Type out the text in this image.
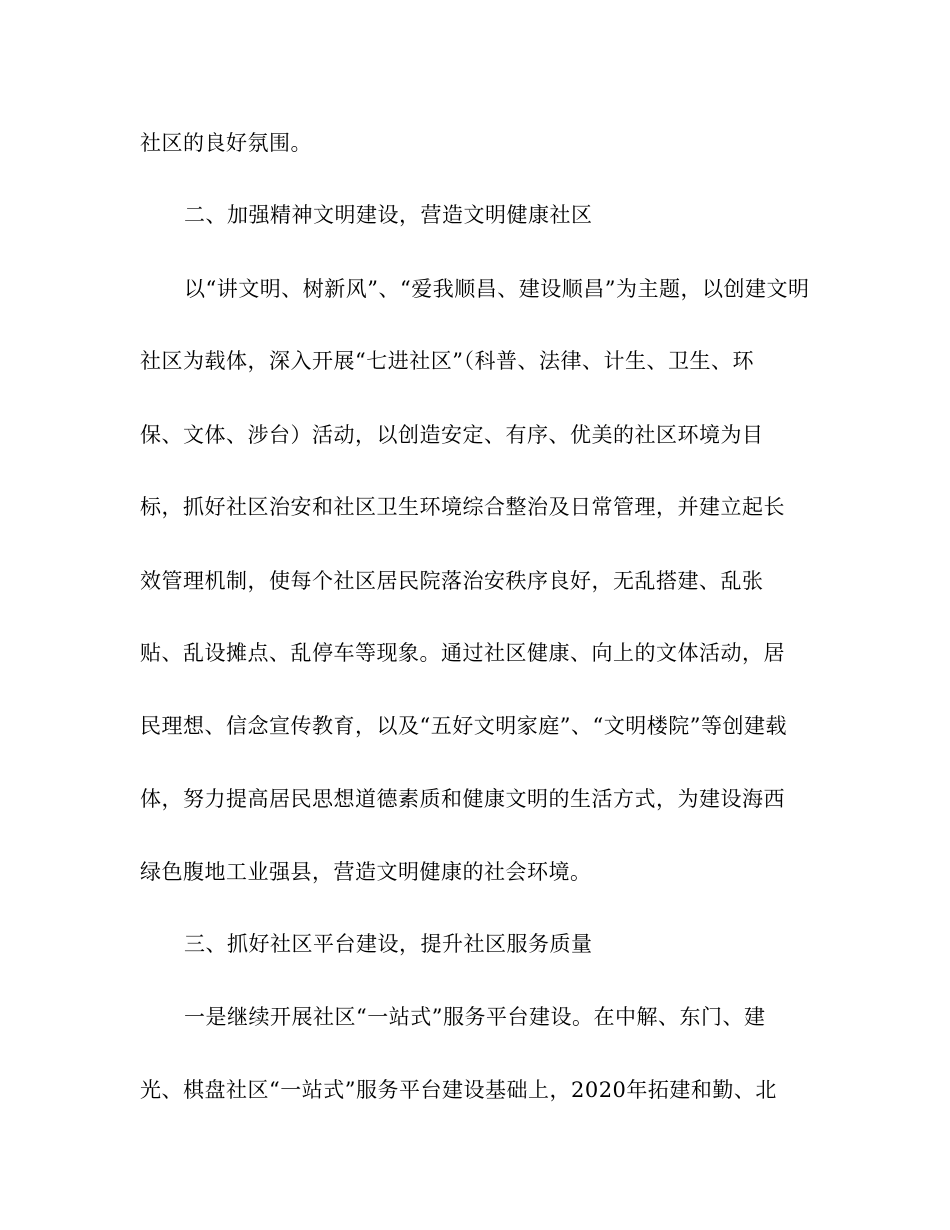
社区的良好氛围。
二、加强精神文明建设，营造文明健康社区
以“讲文明、树新风”、“爱我顺昌、建设顺昌”为主题，以创建文明
社区为载体，深入开展“七进社区”（科普、法律、计生、卫生、环
保、文体、涉台）活动，以创造安定、有序、优美的社区环境为目
标，抓好社区治安和社区卫生环境综合整治及日常管理，并建立起长
效管理机制，使每个社区居民院落治安秩序良好，无乱搭建、乱张
贴、乱设摊点、乱停车等现象。通过社区健康、向上的文体活动，居
民理想、信念宣传教育，以及“五好文明家庭”、“文明楼院”等创建载
体，努力提高居民思想道德素质和健康文明的生活方式，为建设海西
绿色腹地工业强县，营造文明健康的社会环境。
三、抓好社区平台建设，提升社区服务质量
一是继续开展社区“一站式”服务平台建设。在中解、东门、建
光、棋盘社区“一站式”服务平台建设基础上，2020年拓建和勤、北
